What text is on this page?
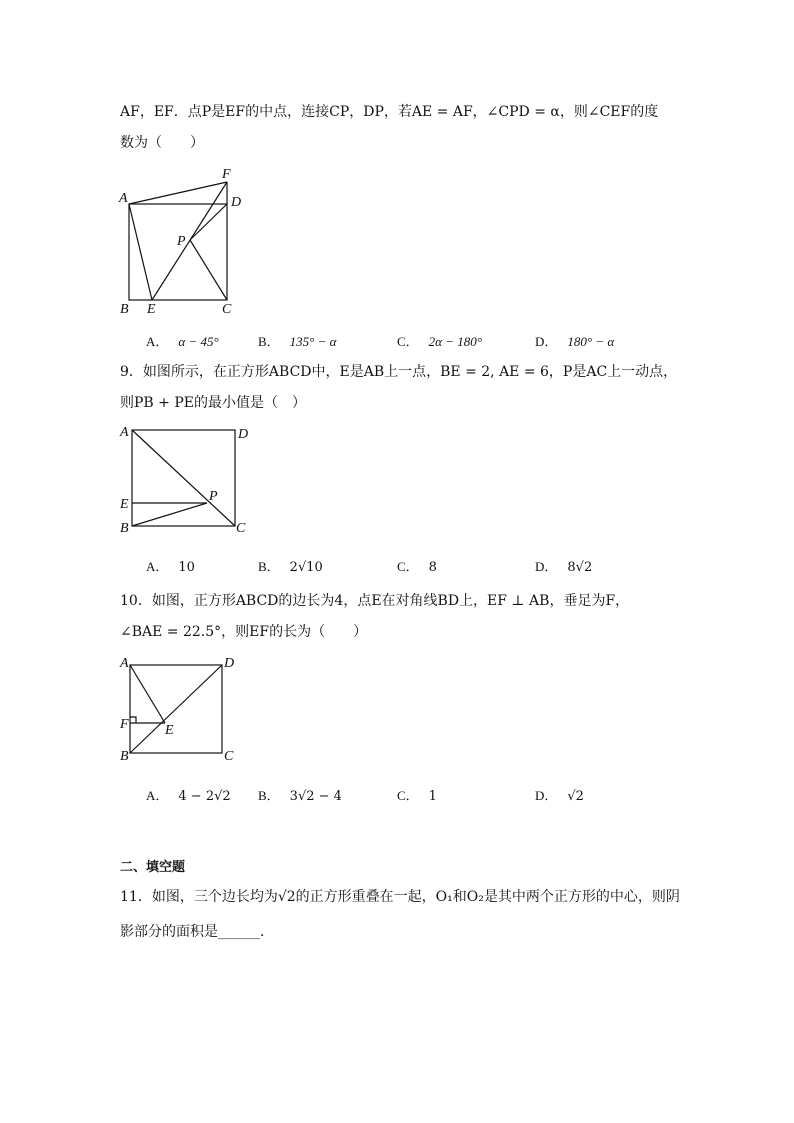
AF，EF．点P是EF的中点，连接CP，DP，若AE = AF，∠CPD = α，则∠CEF的度
数为（　　）
A
F
D
P
B E	C
A． α − 45°	B． 135° − α	C． 2α − 180°	D． 180° − α
9．如图所示，在正方形ABCD中，E是AB上一点，BE = 2, AE = 6，P是AC上一动点，
则PB + PE的最小值是（　）
A	D
E
P
B	C
A． 10	B． 2√10	C． 8	D． 8√2
10．如图，正方形ABCD的边长为4，点E在对角线BD上，EF ⊥ AB，垂足为F，
∠BAE = 22.5°，则EF的长为（　　）
A	D
F	E
B	C
A． 4 − 2√2 B． 3√2 − 4	C． 1	D． √2
二、填空题
11．如图，三个边长均为√2的正方形重叠在一起，O₁和O₂是其中两个正方形的中心，则阴
影部分的面积是______．
